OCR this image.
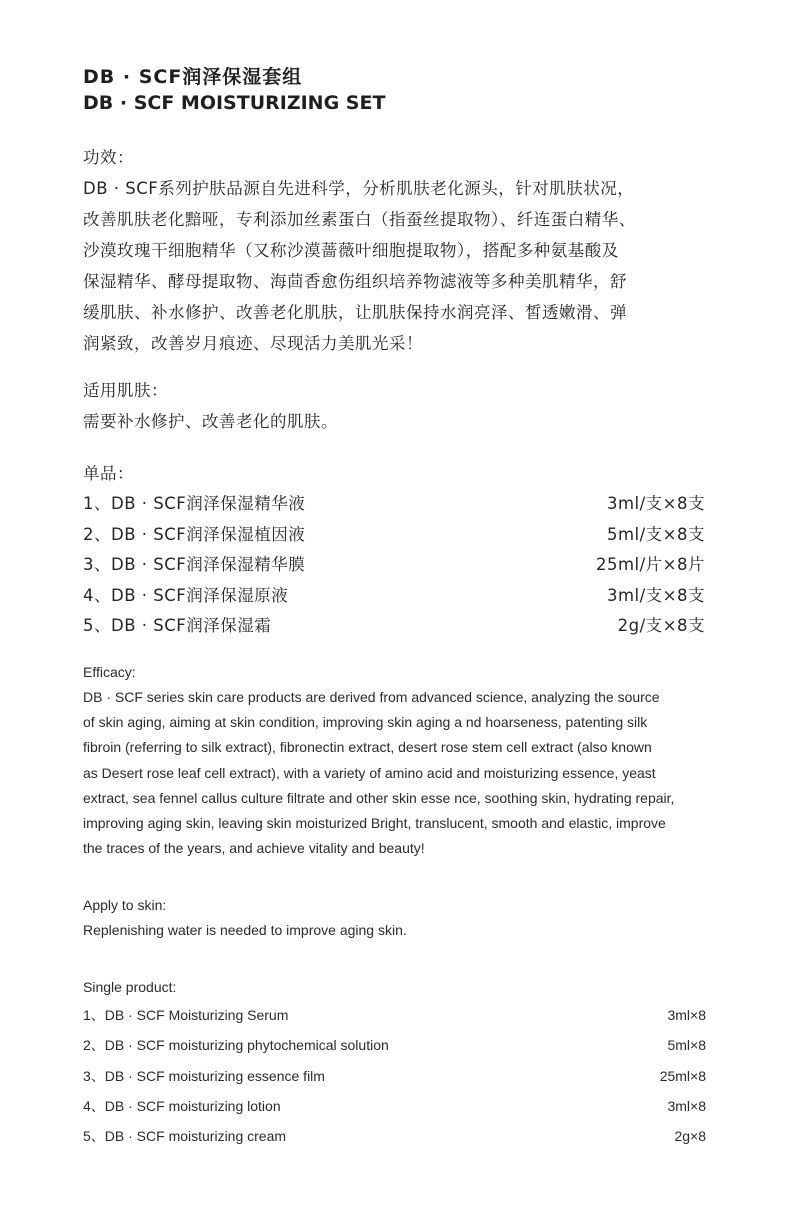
DB · SCF润泽保湿套组
DB · SCF MOISTURIZING SET
功效：
DB · SCF系列护肤品源自先进科学，分析肌肤老化源头，针对肌肤状况，
改善肌肤老化黯哑，专利添加丝素蛋白（指蚕丝提取物）、纤连蛋白精华、
沙漠玫瑰干细胞精华（又称沙漠蔷薇叶细胞提取物），搭配多种氨基酸及
保湿精华、酵母提取物、海茴香愈伤组织培养物滤液等多种美肌精华，舒
缓肌肤、补水修护、改善老化肌肤，让肌肤保持水润亮泽、皙透嫩滑、弹
润紧致，改善岁月痕迹、尽现活力美肌光采！
适用肌肤：
需要补水修护、改善老化的肌肤。
单品：
1、DB · SCF润泽保湿精华液	3ml/支×8支
2、DB · SCF润泽保湿植因液	5ml/支×8支
3、DB · SCF润泽保湿精华膜	25ml/片×8片
4、DB · SCF润泽保湿原液	3ml/支×8支
5、DB · SCF润泽保湿霜	2g/支×8支
Efficacy:
DB · SCF series skin care products are derived from advanced science, analyzing the source
of skin aging, aiming at skin condition, improving skin aging a nd hoarseness, patenting silk
fibroin (referring to silk extract), fibronectin extract, desert rose stem cell extract (also known
as Desert rose leaf cell extract), with a variety of amino acid and moisturizing essence, yeast
extract, sea fennel callus culture filtrate and other skin esse nce, soothing skin, hydrating repair,
improving aging skin, leaving skin moisturized Bright, translucent, smooth and elastic, improve
the traces of the years, and achieve vitality and beauty!
Apply to skin:
Replenishing water is needed to improve aging skin.
Single product:
1、DB · SCF Moisturizing Serum	3ml×8
2、DB · SCF moisturizing phytochemical solution	5ml×8
3、DB · SCF moisturizing essence film	25ml×8
4、DB · SCF moisturizing lotion	3ml×8
5、DB · SCF moisturizing cream	2g×8
